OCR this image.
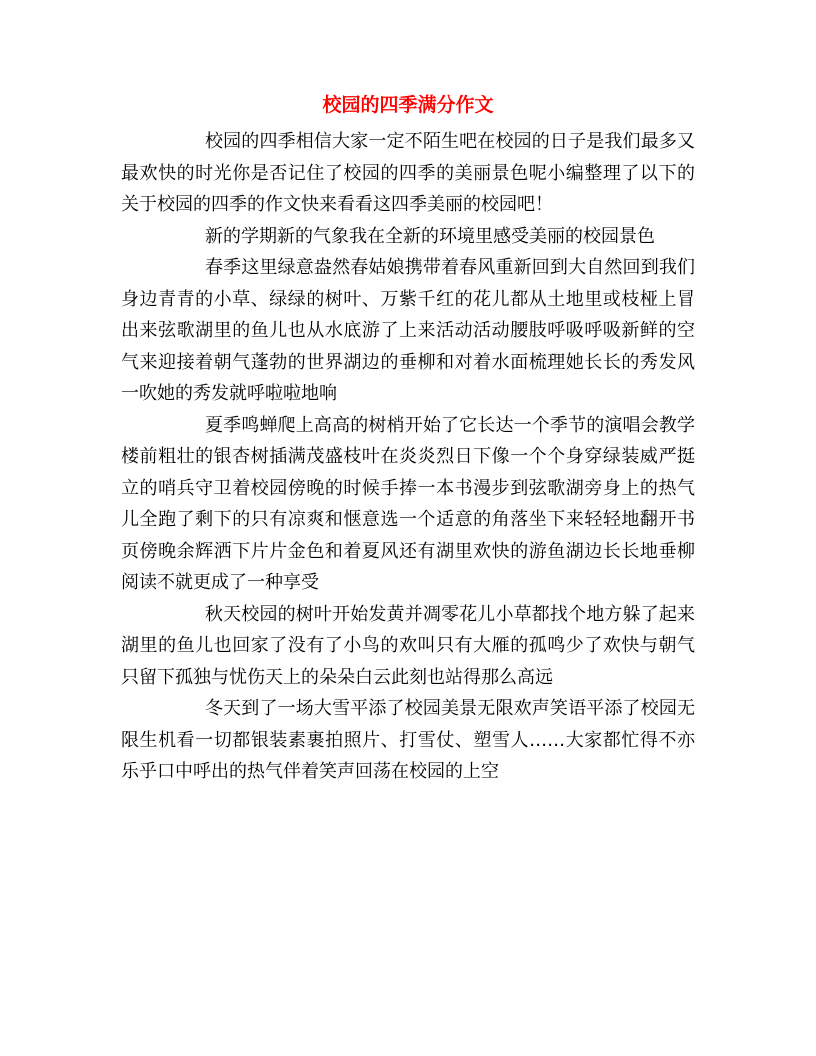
校园的四季满分作文

校园的四季相信大家一定不陌生吧在校园的日子是我们最多又最欢快的时光你是否记住了校园的四季的美丽景色呢小编整理了以下的关于校园的四季的作文快来看看这四季美丽的校园吧！

新的学期新的气象我在全新的环境里感受美丽的校园景色

春季这里绿意盎然春姑娘携带着春风重新回到大自然回到我们身边青青的小草、绿绿的树叶、万紫千红的花儿都从土地里或枝桠上冒出来弦歌湖里的鱼儿也从水底游了上来活动活动腰肢呼吸呼吸新鲜的空气来迎接着朝气蓬勃的世界湖边的垂柳和对着水面梳理她长长的秀发风一吹她的秀发就呼啦啦地响

夏季鸣蝉爬上高高的树梢开始了它长达一个季节的演唱会教学楼前粗壮的银杏树插满茂盛枝叶在炎炎烈日下像一个个身穿绿装威严挺立的哨兵守卫着校园傍晚的时候手捧一本书漫步到弦歌湖旁身上的热气儿全跑了剩下的只有凉爽和惬意选一个适意的角落坐下来轻轻地翻开书页傍晚余辉洒下片片金色和着夏风还有湖里欢快的游鱼湖边长长地垂柳阅读不就更成了一种享受

秋天校园的树叶开始发黄并凋零花儿小草都找个地方躲了起来湖里的鱼儿也回家了没有了小鸟的欢叫只有大雁的孤鸣少了欢快与朝气只留下孤独与忧伤天上的朵朵白云此刻也站得那么高远

冬天到了一场大雪平添了校园美景无限欢声笑语平添了校园无限生机看一切都银装素裹拍照片、打雪仗、塑雪人……大家都忙得不亦乐乎口中呼出的热气伴着笑声回荡在校园的上空
